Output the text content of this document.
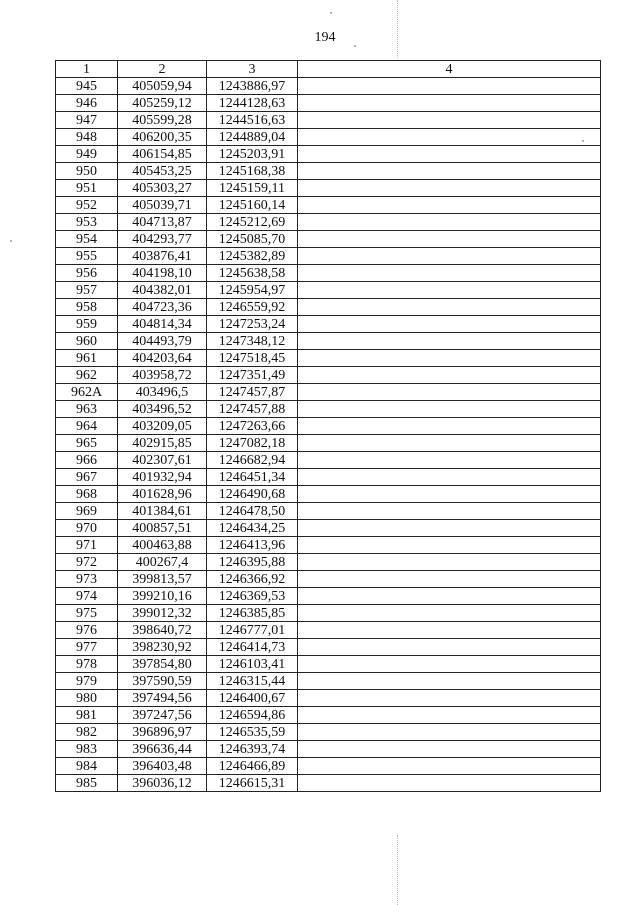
194
1	2	3	4
945	405059,94	1243886,97	
946	405259,12	1244128,63	
947	405599,28	1244516,63	
948	406200,35	1244889,04	
949	406154,85	1245203,91	
950	405453,25	1245168,38	
951	405303,27	1245159,11	
952	405039,71	1245160,14	
953	404713,87	1245212,69	
954	404293,77	1245085,70	
955	403876,41	1245382,89	
956	404198,10	1245638,58	
957	404382,01	1245954,97	
958	404723,36	1246559,92	
959	404814,34	1247253,24	
960	404493,79	1247348,12	
961	404203,64	1247518,45	
962	403958,72	1247351,49	
962A	403496,5	1247457,87	
963	403496,52	1247457,88	
964	403209,05	1247263,66	
965	402915,85	1247082,18	
966	402307,61	1246682,94	
967	401932,94	1246451,34	
968	401628,96	1246490,68	
969	401384,61	1246478,50	
970	400857,51	1246434,25	
971	400463,88	1246413,96	
972	400267,4	1246395,88	
973	399813,57	1246366,92	
974	399210,16	1246369,53	
975	399012,32	1246385,85	
976	398640,72	1246777,01	
977	398230,92	1246414,73	
978	397854,80	1246103,41	
979	397590,59	1246315,44	
980	397494,56	1246400,67	
981	397247,56	1246594,86	
982	396896,97	1246535,59	
983	396636,44	1246393,74	
984	396403,48	1246466,89	
985	396036,12	1246615,31	
